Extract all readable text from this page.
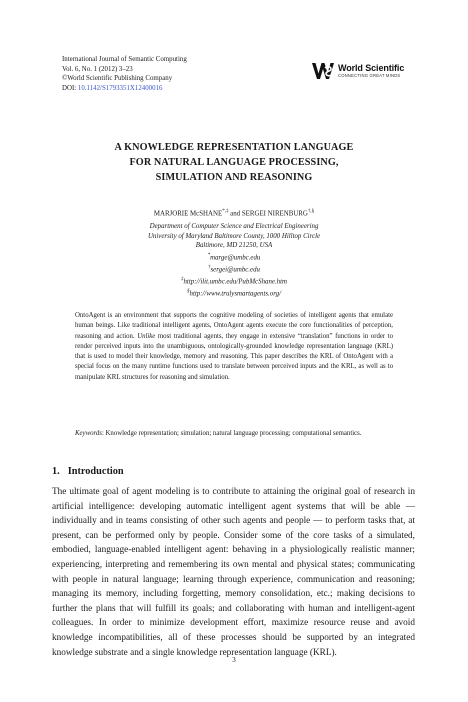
International Journal of Semantic Computing
Vol. 6, No. 1 (2012) 3–23
©World Scientific Publishing Company
DOI: 10.1142/S1793351X12400016
World Scientific
CONNECTING GREAT MINDS
A KNOWLEDGE REPRESENTATION LANGUAGE
FOR NATURAL LANGUAGE PROCESSING,
SIMULATION AND REASONING
MARJORIE McSHANE*,‡ and SERGEI NIRENBURG†,§
Department of Computer Science and Electrical Engineering
University of Maryland Baltimore County, 1000 Hilltop Circle
Baltimore, MD 21250, USA
*marge@umbc.edu
†sergei@umbc.edu
‡http://ilit.umbc.edu/PubMcShane.htm
§http://www.trulysmartagents.org/
OntoAgent is an environment that supports the cognitive modeling of societies of intelligent agents that emulate human beings. Like traditional intelligent agents, OntoAgent agents execute the core functionalities of perception, reasoning and action. Unlike most traditional agents, they engage in extensive “translation” functions in order to render perceived inputs into the unambiguous, ontologically-grounded knowledge representation language (KRL) that is used to model their knowledge, memory and reasoning. This paper describes the KRL of OntoAgent with a special focus on the many runtime functions used to translate between perceived inputs and the KRL, as well as to manipulate KRL structures for reasoning and simulation.
Keywords: Knowledge representation; simulation; natural language processing; computational semantics.
1. Introduction
The ultimate goal of agent modeling is to contribute to attaining the original goal of research in artificial intelligence: developing automatic intelligent agent systems that will be able — individually and in teams consisting of other such agents and people — to perform tasks that, at present, can be performed only by people. Consider some of the core tasks of a simulated, embodied, language-enabled intelligent agent: behaving in a physiologically realistic manner; experiencing, interpreting and remembering its own mental and physical states; communicating with people in natural language; learning through experience, communication and reasoning; managing its memory, including forgetting, memory consolidation, etc.; making decisions to further the plans that will fulfill its goals; and collaborating with human and intelligent-agent colleagues. In order to minimize development effort, maximize resource reuse and avoid knowledge incompatibilities, all of these processes should be supported by an integrated knowledge substrate and a single knowledge representation language (KRL).
3
